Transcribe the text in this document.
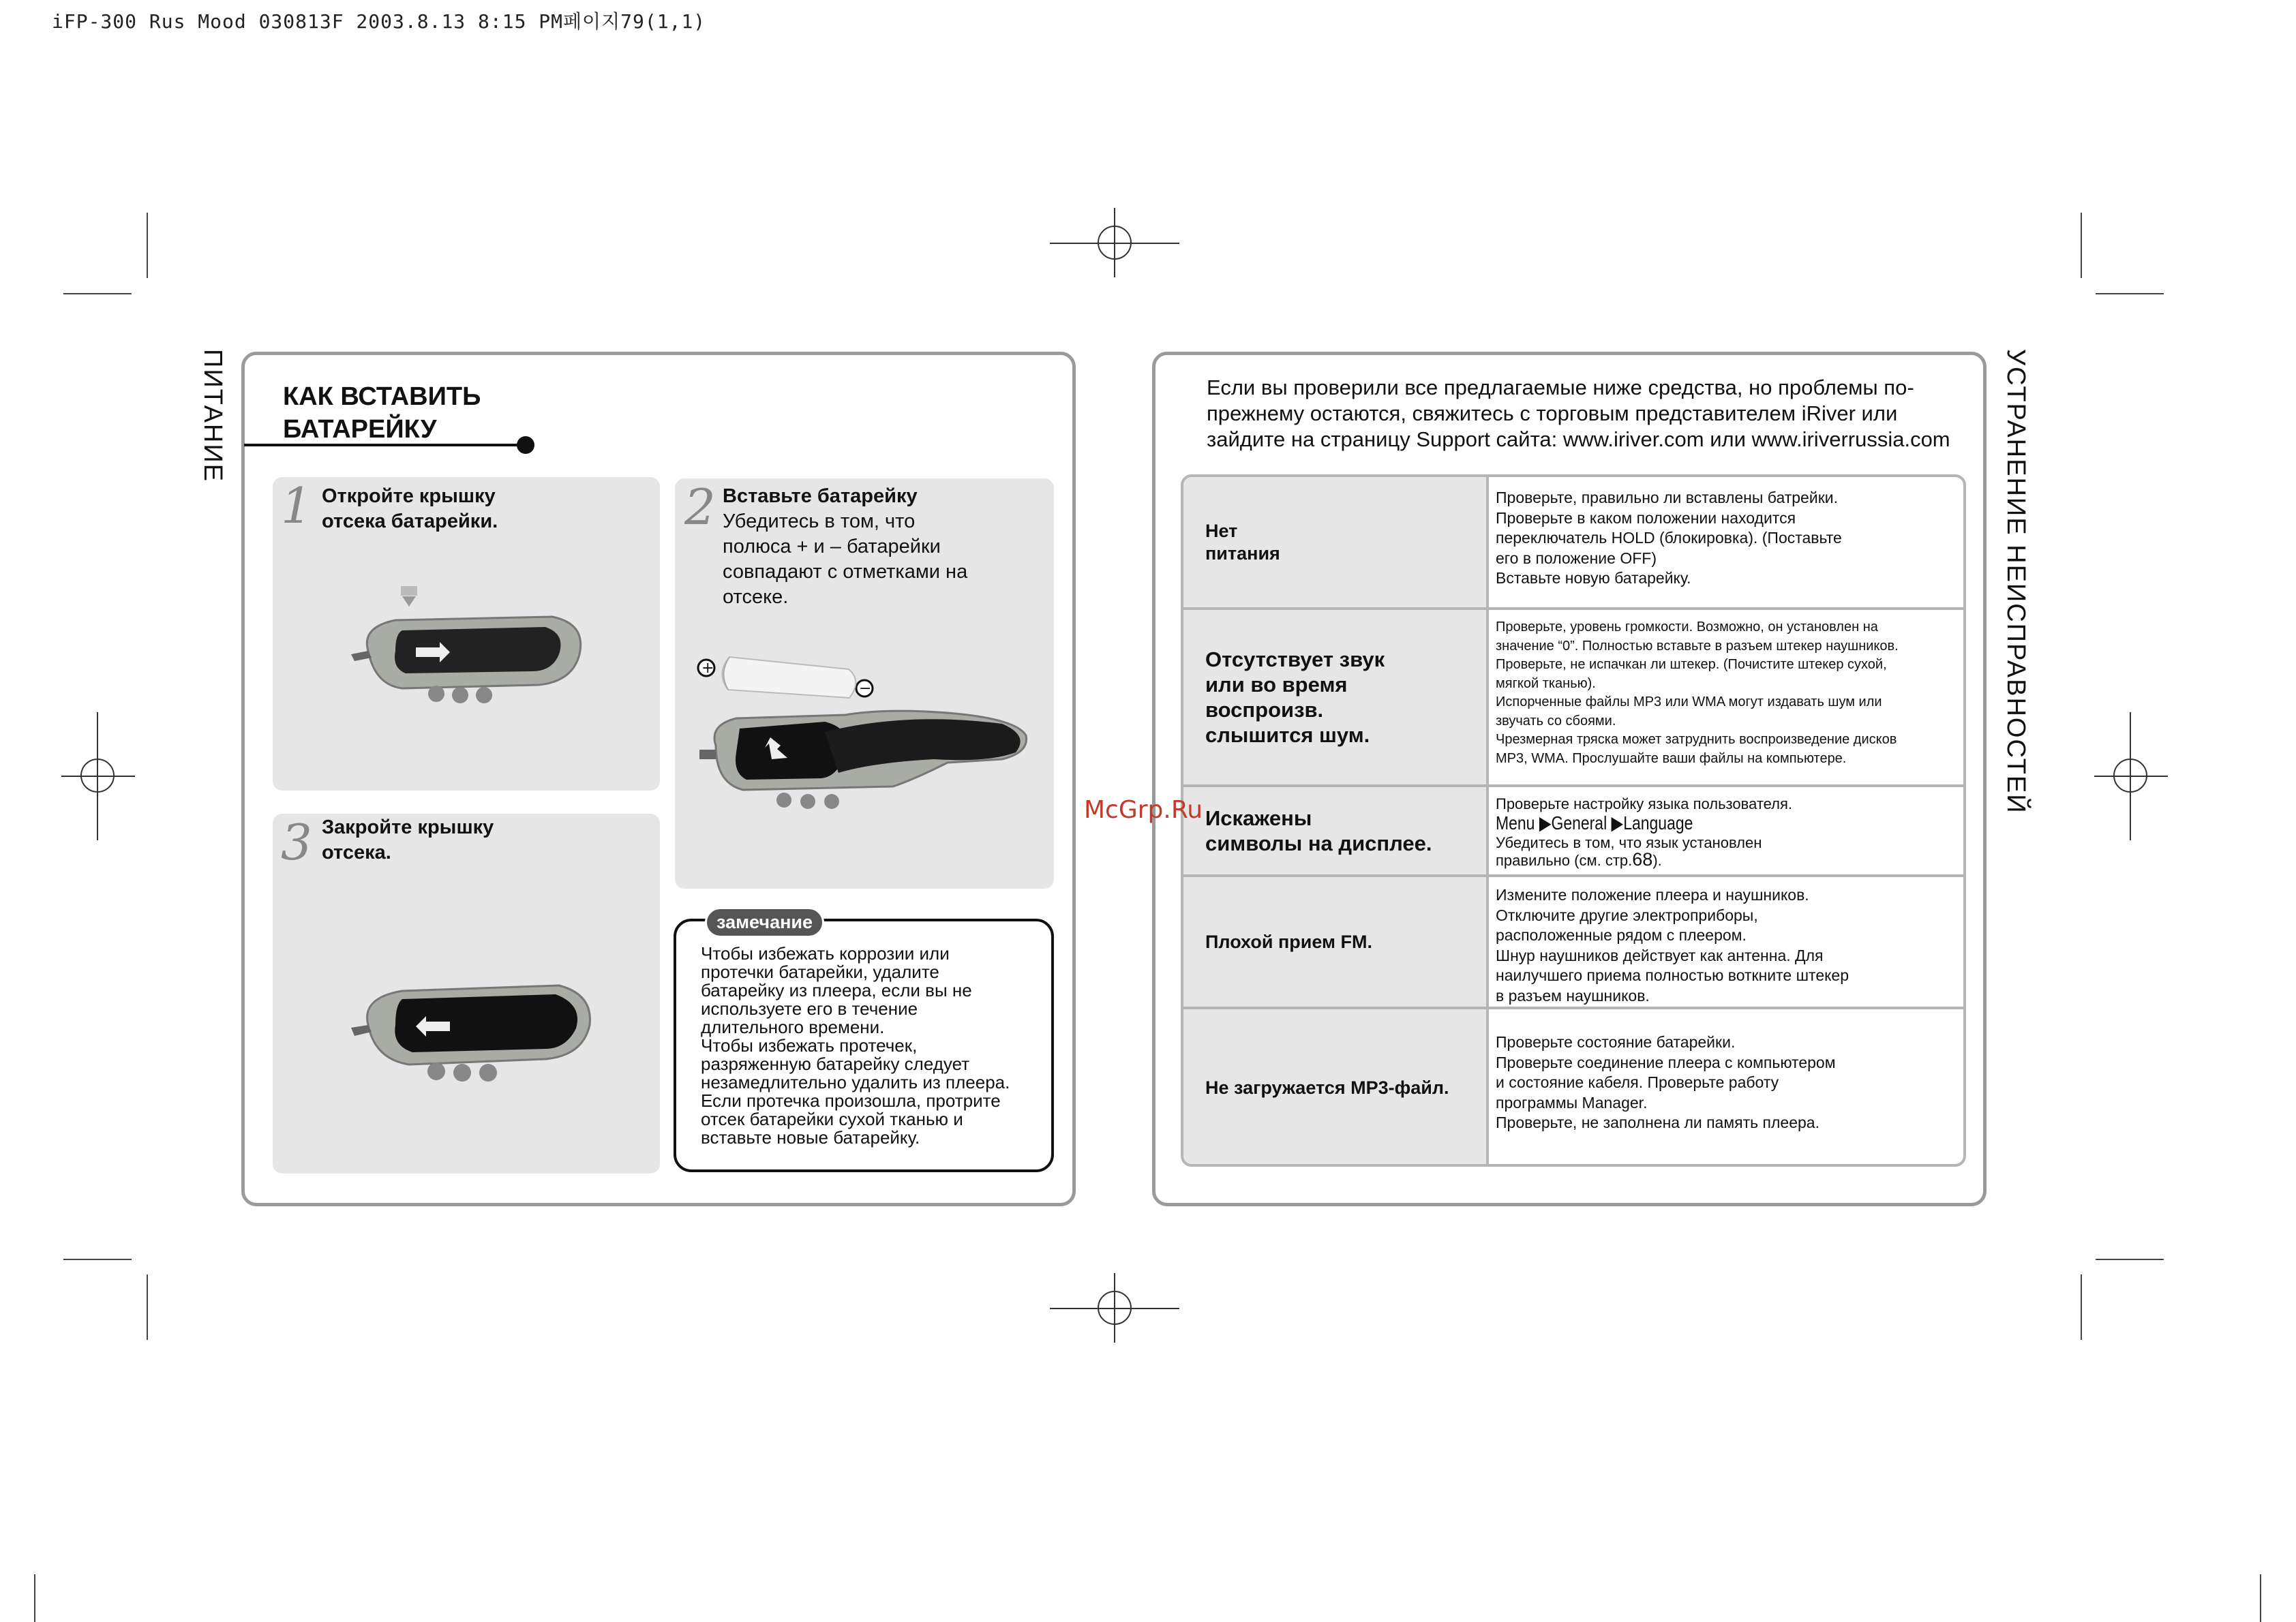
iFP-300 Rus Mood 030813F 2003.8.13 8:15 PM페이지79(1,1)
ПИТАНИЕ КАК ВСТАВИТЬ
БАТАРЕЙКУ
1 Откройте крышку
отсека батарейки.	2 Вставьте батарейку
Убедитесь в том, что
полюса + и – батарейки
совпадают с отметками на
отсеке.
+
−
3 Закройте крышку
отсека.
замечание
Чтобы избежать коррозии или
протечки батарейки, удалите
батарейку из плеера, если вы не
используете его в течение
длительного времени.
Чтобы избежать протечек,
разряженную батарейку следует
незамедлительно удалить из плеера.
Если протечка произошла, протрите
отсек батарейки сухой тканью и
вставьте новые батарейку.
УСТРАНЕНИЕ НЕИСПРАВНОСТЕЙ
Если вы проверили все предлагаемые ниже средства, но проблемы по-
прежнему остаются, свяжитесь с торговым представителем iRiver или
зайдите на страницу Support сайта: www.iriver.com или www.iriverrussia.com
Нет
питания
Проверьте, правильно ли вставлены батрейки.
Проверьте в каком положении находится
переключатель HOLD (блокировка). (Поставьте
его в положение OFF)
Вставьте новую батарейку.
Отсутствует звук
или во время
воспроизв.
слышится шум.
Проверьте, уровень громкости. Возможно, он установлен на
значение “0”. Полностью вставьте в разъем штекер наушников.
Проверьте, не испачкан ли штекер. (Почистите штекер сухой,
мягкой тканью).
Испорченные файлы MP3 или WMA могут издавать шум или
звучать со сбоями.
Чрезмерная тряска может затруднить воспроизведение дисков
MP3, WMA. Прослушайте ваши файлы на компьютере.
Искажены
символы на дисплее.
Проверьте настройку языка пользователя.
Menu ▶General ▶Language
Убедитесь в том, что язык установлен
правильно (см. стр.68).
Плохой прием FM.
Измените положение плеера и наушников.
Отключите другие электроприборы,
расположенные рядом с плеером.
Шнур наушников действует как антенна. Для
наилучшего приема полностью воткните штекер
в разъем наушников.
Не загружается MP3-файл.
Проверьте состояние батарейки.
Проверьте соединение плеера с компьютером
и состояние кабеля. Проверьте работу
программы Manager.
Проверьте, не заполнена ли память плеера.
McGrp.Ru
